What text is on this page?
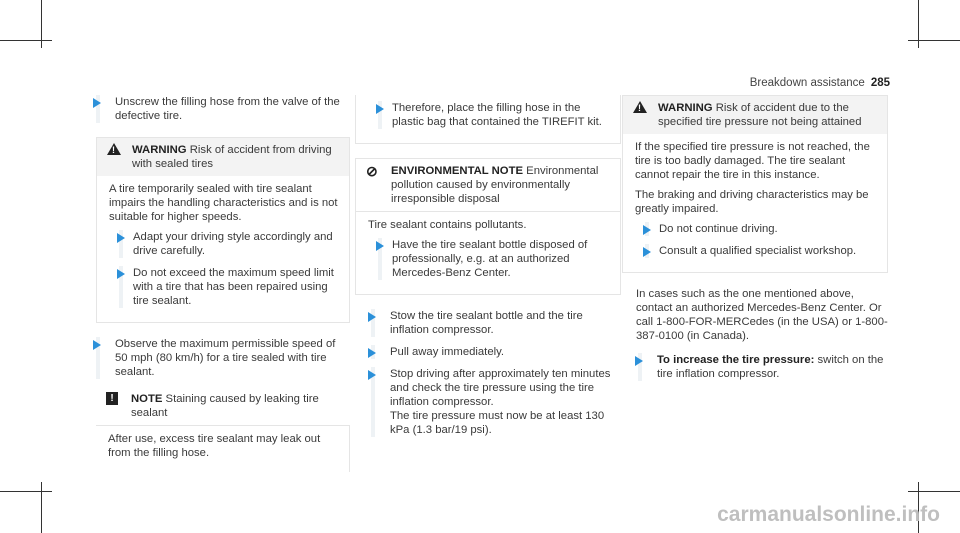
Breakdown assistance 285
Unscrew the filling hose from the valve of the defective tire.
! WARNING Risk of accident from driving with sealed tires

A tire temporarily sealed with tire sealant impairs the handling characteristics and is not suitable for higher speeds.

Adapt your driving style accordingly and drive carefully.
Do not exceed the maximum speed limit with a tire that has been repaired using tire sealant.
Observe the maximum permissible speed of 50 mph (80 km/h) for a tire sealed with tire sealant.
!	NOTE Staining caused by leaking tire sealant

After use, excess tire sealant may leak out from the filling hose.

Therefore, place the filling hose in the plastic bag that contained the TIREFIT kit.
⊘ ENVIRONMENTAL NOTE Environmental pollution caused by environmentally irresponsible disposal

Tire sealant contains pollutants.

Have the tire sealant bottle disposed of professionally, e.g. at an authorized Mercedes-Benz Center.
Stow the tire sealant bottle and the tire inflation compressor.
Pull away immediately.
Stop driving after approximately ten minutes and check the tire pressure using the tire inflation compressor.
The tire pressure must now be at least 130 kPa (1.3 bar/19 psi).
! WARNING Risk of accident due to the specified tire pressure not being attained

If the specified tire pressure is not reached, the tire is too badly damaged. The tire sealant cannot repair the tire in this instance.

The braking and driving characteristics may be greatly impaired.

Do not continue driving.
Consult a qualified specialist workshop.
In cases such as the one mentioned above, contact an authorized Mercedes-Benz Center. Or call 1-800-FOR-MERCedes (in the USA) or 1-800-387-0100 (in Canada).
To increase the tire pressure: switch on the tire inflation compressor.
carmanualsonline.info
